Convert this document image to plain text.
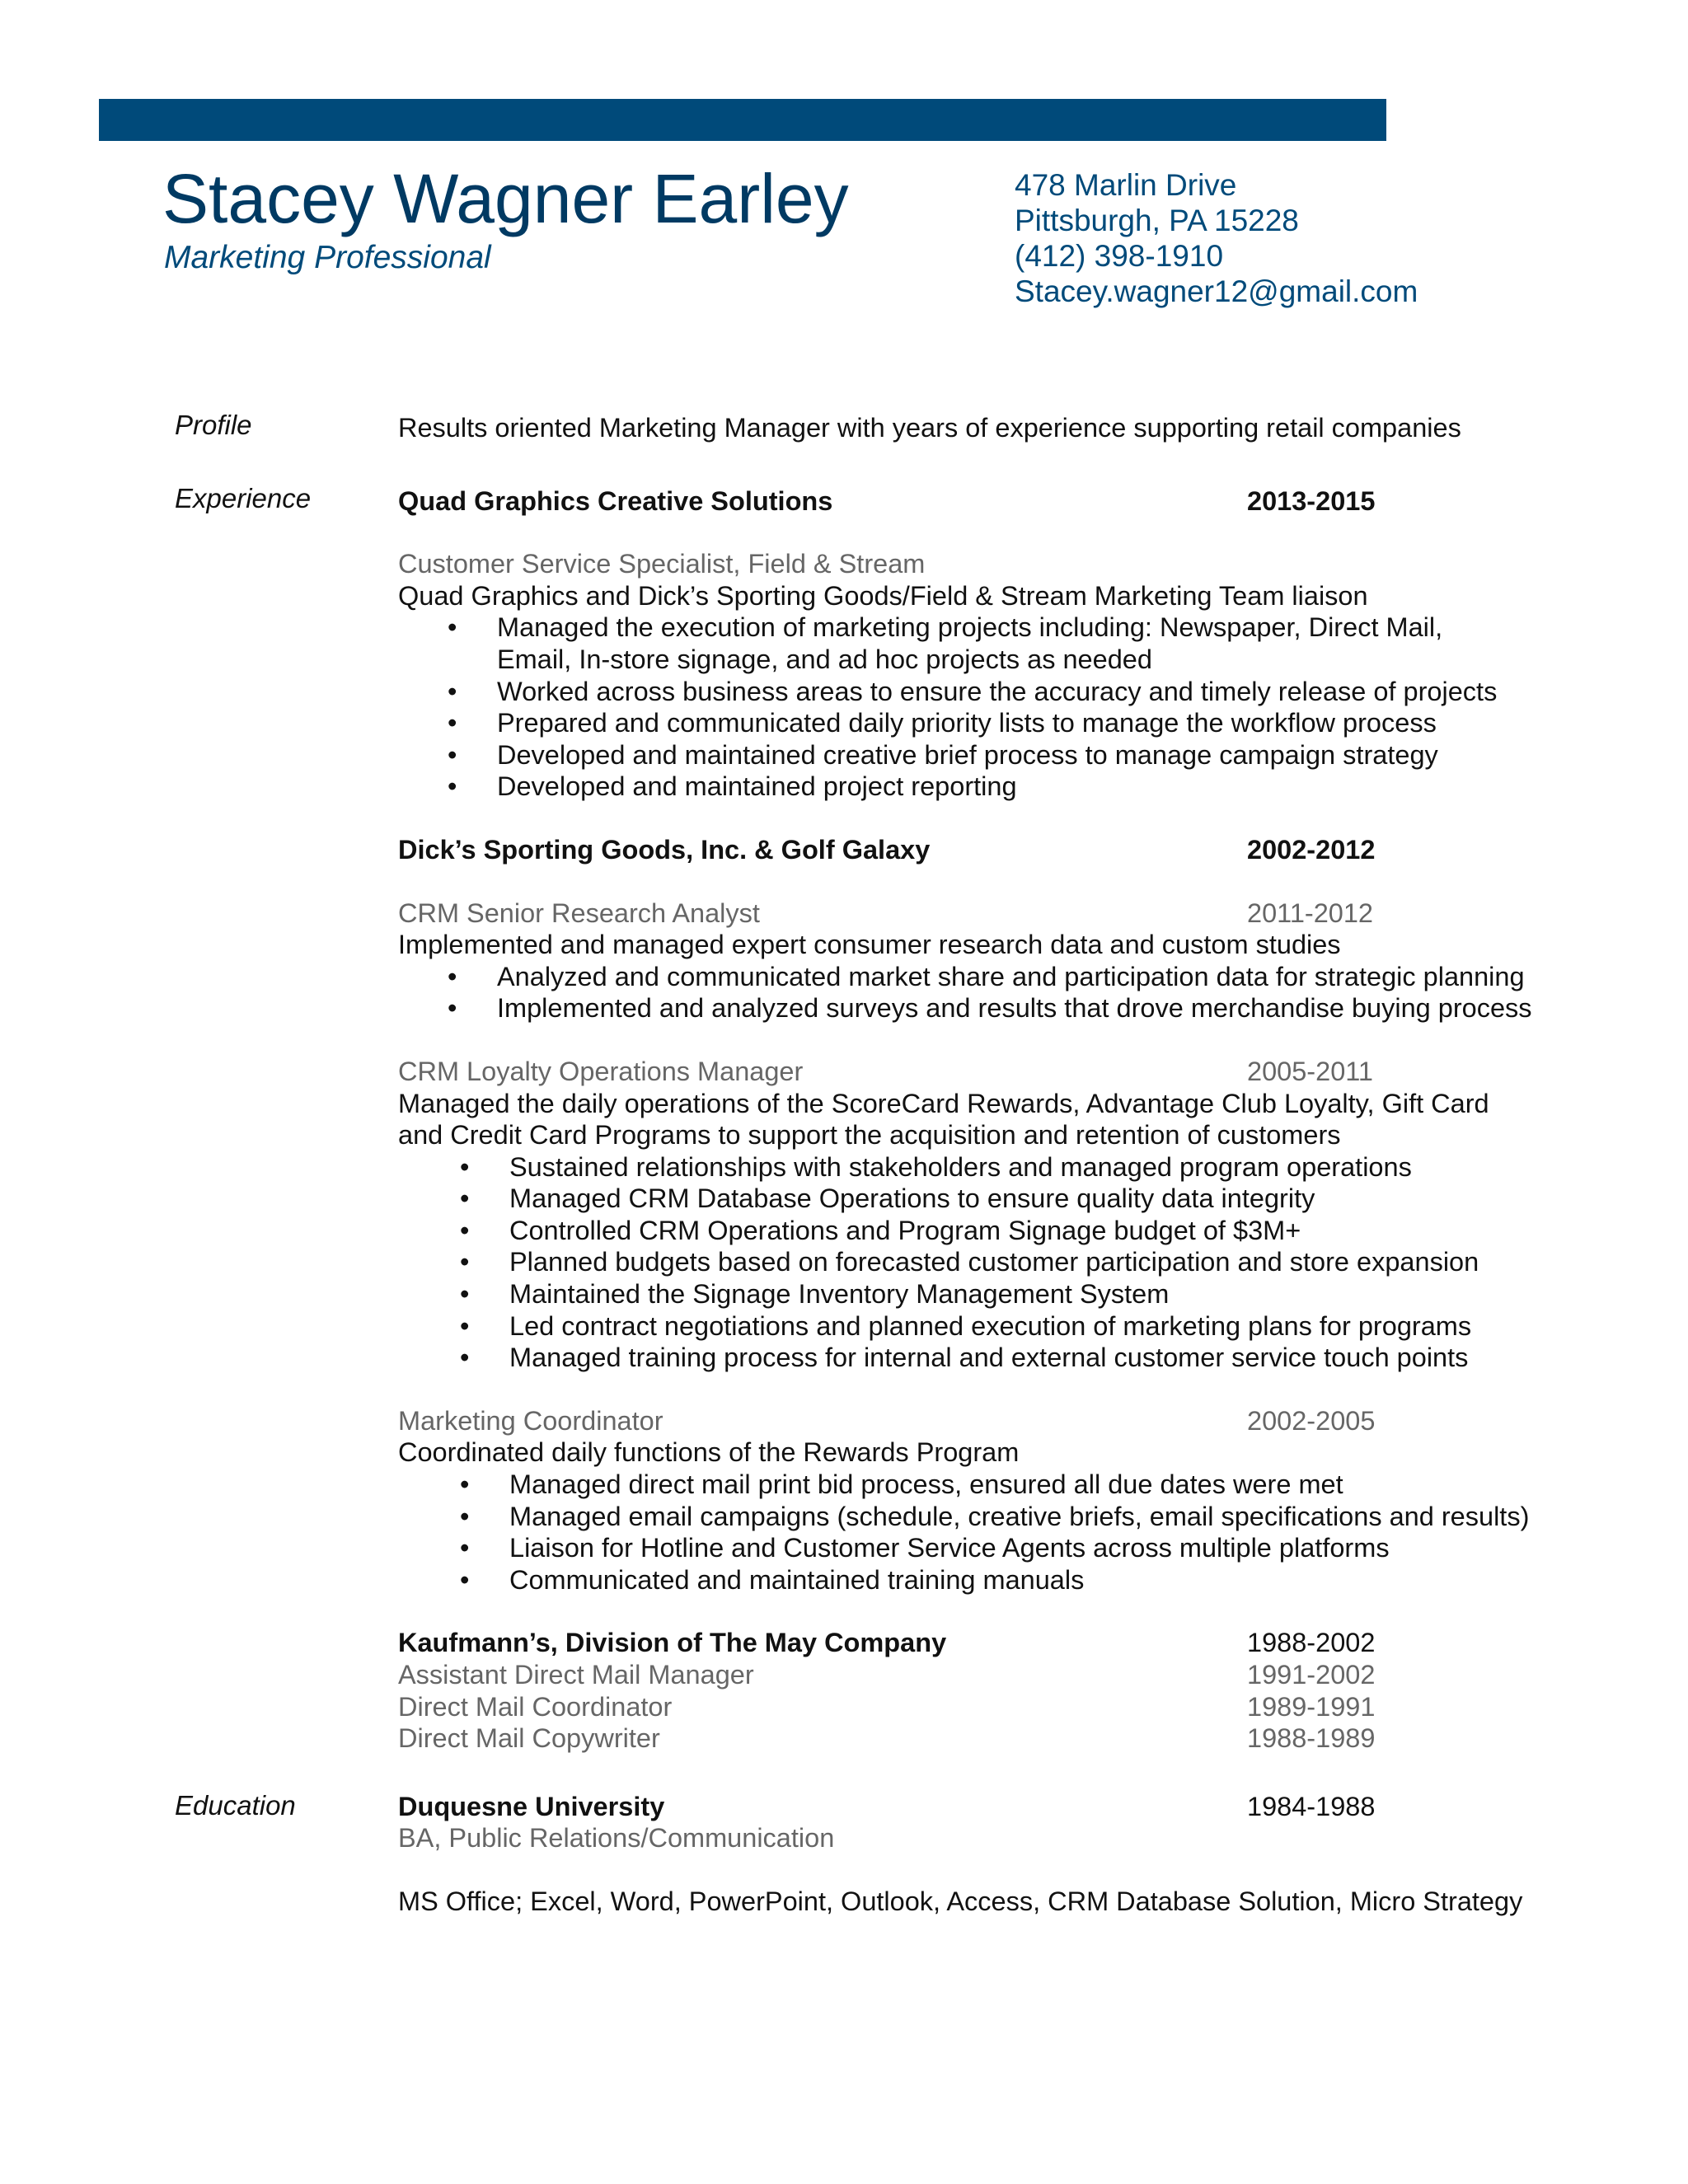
Stacey Wagner Earley
Marketing Professional
478 Marlin Drive
Pittsburgh, PA 15228
(412) 398-1910
Stacey.wagner12@gmail.com
Profile
Experience
Education
Results oriented Marketing Manager with years of experience supporting retail companies
Quad Graphics Creative Solutions	2013-2015
Customer Service Specialist, Field & Stream
Quad Graphics and Dick’s Sporting Goods/Field & Stream Marketing Team liaison
• Managed the execution of marketing projects including: Newspaper, Direct Mail,
Email, In-store signage, and ad hoc projects as needed
• Worked across business areas to ensure the accuracy and timely release of projects
• Prepared and communicated daily priority lists to manage the workflow process
• Developed and maintained creative brief process to manage campaign strategy
• Developed and maintained project reporting
Dick’s Sporting Goods, Inc. & Golf Galaxy	2002-2012
CRM Senior Research Analyst	2011-2012
Implemented and managed expert consumer research data and custom studies
• Analyzed and communicated market share and participation data for strategic planning
• Implemented and analyzed surveys and results that drove merchandise buying process
CRM Loyalty Operations Manager	2005-2011
Managed the daily operations of the ScoreCard Rewards, Advantage Club Loyalty, Gift Card
and Credit Card Programs to support the acquisition and retention of customers
• Sustained relationships with stakeholders and managed program operations
• Managed CRM Database Operations to ensure quality data integrity
• Controlled CRM Operations and Program Signage budget of $3M+
• Planned budgets based on forecasted customer participation and store expansion
• Maintained the Signage Inventory Management System
• Led contract negotiations and planned execution of marketing plans for programs
• Managed training process for internal and external customer service touch points
Marketing Coordinator	2002-2005
Coordinated daily functions of the Rewards Program
• Managed direct mail print bid process, ensured all due dates were met
• Managed email campaigns (schedule, creative briefs, email specifications and results)
• Liaison for Hotline and Customer Service Agents across multiple platforms
• Communicated and maintained training manuals
Kaufmann’s, Division of The May Company	1988-2002
Assistant Direct Mail Manager	1991-2002
Direct Mail Coordinator	1989-1991
Direct Mail Copywriter	1988-1989
Duquesne University	1984-1988
BA, Public Relations/Communication
MS Office; Excel, Word, PowerPoint, Outlook, Access, CRM Database Solution, Micro Strategy
